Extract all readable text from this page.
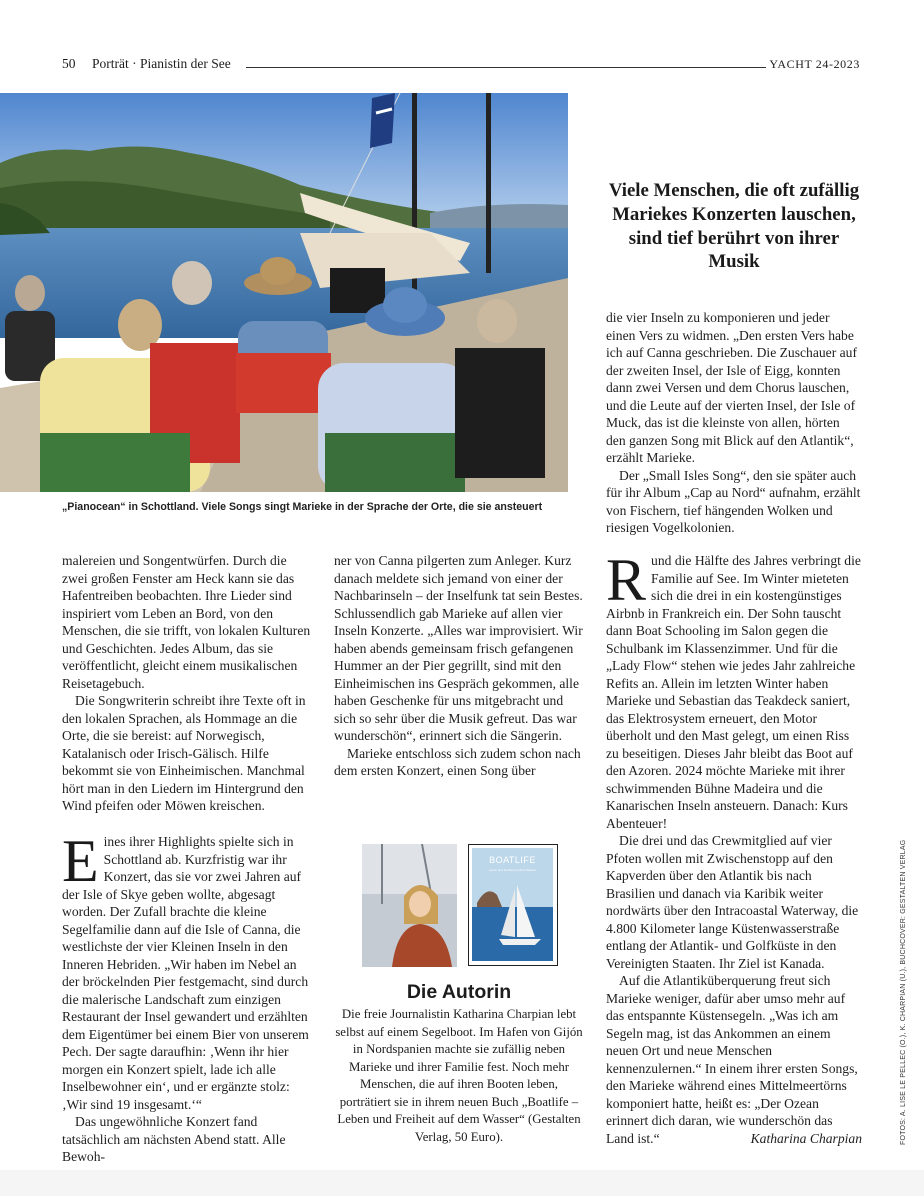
50 Porträt · Pianistin der See	YACHT 24-2023
„Pianocean“ in Schottland. Viele Songs singt Marieke in der Sprache der Orte, die sie ansteuert
Viele Menschen, die oft zufällig Mariekes Konzerten lauschen, sind tief berührt von ihrer Musik

die vier Inseln zu komponieren und jeder einen Vers zu widmen. „Den ersten Vers habe ich auf Canna geschrieben. Die Zuschauer auf der zweiten Insel, der Isle of Eigg, konnten dann zwei Versen und dem Chorus lauschen, und die Leute auf der vierten Insel, der Isle of Muck, das ist die kleinste von allen, hörten den ganzen Song mit Blick auf den Atlantik“, erzählt Marieke.

Der „Small Isles Song“, den sie später auch für ihr Album „Cap au Nord“ aufnahm, erzählt von Fischern, tief hängenden Wolken und riesigen Vogelkolonien.

malereien und Songentwürfen. Durch die zwei großen Fenster am Heck kann sie das Hafentreiben beobachten. Ihre Lieder sind inspiriert vom Leben an Bord, von den Menschen, die sie trifft, von lokalen Kulturen und Geschichten. Jedes Album, das sie veröffentlicht, gleicht einem musikalischen Reisetagebuch.

Die Songwriterin schreibt ihre Texte oft in den lokalen Sprachen, als Hommage an die Orte, die sie bereist: auf Norwegisch, Katalanisch oder Irisch-Gälisch. Hilfe bekommt sie von Einheimischen. Manchmal hört man in den Liedern im Hintergrund den Wind pfeifen oder Möwen kreischen.

Eines ihrer Highlights spielte sich in Schottland ab. Kurzfristig war ihr Konzert, das sie vor zwei Jahren auf der Isle of Skye geben wollte, abgesagt worden. Der Zufall brachte die kleine Segelfamilie dann auf die Isle of Canna, die westlichste der vier Kleinen Inseln in den Inneren Hebriden. „Wir haben im Nebel an der bröckelnden Pier festgemacht, sind durch die malerische Landschaft zum einzigen Restaurant der Insel gewandert und erzählten dem Eigentümer bei einem Bier von unserem Pech. Der sagte daraufhin: ‚Wenn ihr hier morgen ein Konzert spielt, lade ich alle Inselbewohner ein‘, und er ergänzte stolz: ‚Wir sind 19 insgesamt.‘“

Das ungewöhnliche Konzert fand tatsächlich am nächsten Abend statt. Alle Bewoh-

ner von Canna pilgerten zum Anleger. Kurz danach meldete sich jemand von einer der Nachbarinseln – der Inselfunk tat sein Bestes. Schlussendlich gab Marieke auf allen vier Inseln Konzerte. „Alles war improvisiert. Wir haben abends gemeinsam frisch gefangenen Hummer an der Pier gegrillt, sind mit den Einheimischen ins Gespräch gekommen, alle haben Geschenke für uns mitgebracht und sich so sehr über die Musik gefreut. Das war wunderschön“, erinnert sich die Sängerin.

Marieke entschloss sich zudem schon nach dem ersten Konzert, einen Song über

BOATLIFE
Leben und Freiheit auf dem Wasser
Die Autorin
Die freie Journalistin Katharina Charpian lebt selbst auf einem Segelboot. Im Hafen von Gijón in Nordspanien machte sie zufällig neben Marieke und ihrer Familie fest. Noch mehr Menschen, die auf ihren Booten leben, porträtiert sie in ihrem neuen Buch „Boatlife – Leben und Freiheit auf dem Wasser“ (Gestalten Verlag, 50 Euro).

Rund die Hälfte des Jahres verbringt die Familie auf See. Im Winter mieteten sich die drei in ein kostengünstiges Airbnb in Frankreich ein. Der Sohn tauscht dann Boat Schooling im Salon gegen die Schulbank im Klassenzimmer. Und für die „Lady Flow“ stehen wie jedes Jahr zahlreiche Refits an. Allein im letzten Winter haben Marieke und Sebastian das Teakdeck saniert, das Elektrosystem erneuert, den Motor überholt und den Mast gelegt, um einen Riss zu beseitigen. Dieses Jahr bleibt das Boot auf den Azoren. 2024 möchte Marieke mit ihrer schwimmenden Bühne Madeira und die Kanarischen Inseln ansteuern. Danach: Kurs Abenteuer!

Die drei und das Crewmitglied auf vier Pfoten wollen mit Zwischenstopp auf den Kapverden über den Atlantik bis nach Brasilien und danach via Karibik weiter nordwärts über den Intracoastal Waterway, die 4.800 Kilometer lange Küstenwasserstraße entlang der Atlantik- und Golfküste in den Vereinigten Staaten. Ihr Ziel ist Kanada.

Auf die Atlantiküberquerung freut sich Marieke weniger, dafür aber umso mehr auf das entspannte Küstensegeln. „Was ich am Segeln mag, ist das Ankommen an einem neuen Ort und neue Menschen kennenzulernen.“ In einem ihrer ersten Songs, den Marieke während eines Mittelmeertörns komponiert hatte, heißt es: „Der Ozean erinnert dich daran, wie wunderschön das Land ist.“	Katharina Charpian	FOTOS: A. LISE LE PELLEC (O.), K. CHARPIAN (U.), BUCHCOVER: GESTALTEN VERLAG
